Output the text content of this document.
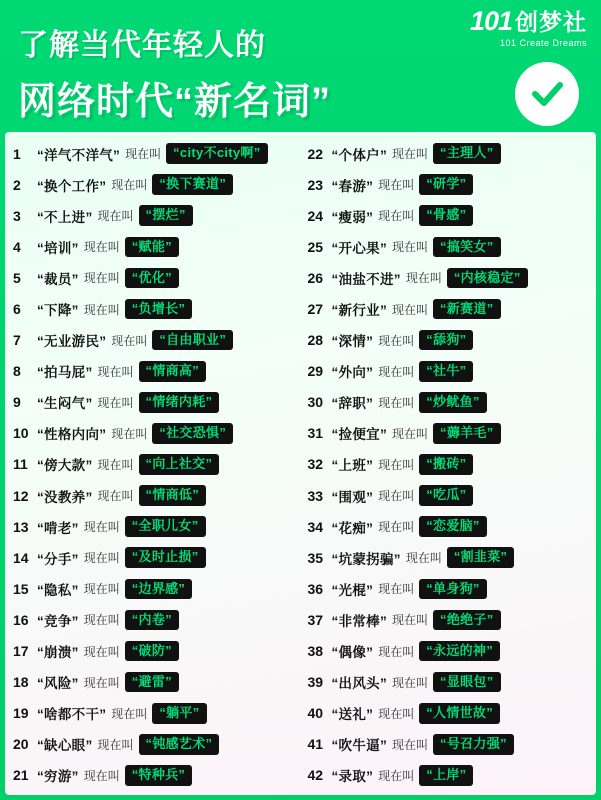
101 创梦社
101 Create Dreams
了解当代年轻人的
网络时代“新名词”
1	“洋气不洋气” 现在叫 “city不city啊”
2	“换个工作” 现在叫 “换下赛道”
3	“不上进” 现在叫 “摆烂”
4	“培训” 现在叫 “赋能”
5	“裁员” 现在叫 “优化”
6	“下降” 现在叫 “负增长”
7	“无业游民” 现在叫 “自由职业”
8	“拍马屁” 现在叫 “情商高”
9	“生闷气” 现在叫 “情绪内耗”
10 “性格内向” 现在叫 “社交恐惧”
11 “傍大款” 现在叫 “向上社交”
12 “没教养” 现在叫 “情商低”
13 “啃老” 现在叫 “全职儿女”
14 “分手” 现在叫 “及时止损”
15 “隐私” 现在叫 “边界感”
16 “竞争” 现在叫 “内卷”
17 “崩溃” 现在叫 “破防”
18 “风险” 现在叫 “避雷”
19 “啥都不干” 现在叫 “躺平”
20 “缺心眼” 现在叫 “钝感艺术”
21 “穷游” 现在叫 “特种兵”
22 “个体户” 现在叫 “主理人”
23 “春游” 现在叫 “研学”
24 “瘦弱” 现在叫 “骨感”
25 “开心果” 现在叫 “搞笑女”
26 “油盐不进” 现在叫 “内核稳定”
27 “新行业” 现在叫 “新赛道”
28 “深情” 现在叫 “舔狗”
29 “外向” 现在叫 “社牛”
30 “辞职” 现在叫 “炒鱿鱼”
31 “捡便宜” 现在叫 “薅羊毛”
32 “上班” 现在叫 “搬砖”
33 “围观” 现在叫 “吃瓜”
34 “花痴” 现在叫 “恋爱脑”
35 “坑蒙拐骗” 现在叫 “割韭菜”
36 “光棍” 现在叫 “单身狗”
37 “非常棒” 现在叫 “绝绝子”
38 “偶像” 现在叫 “永远的神”
39 “出风头” 现在叫 “显眼包”
40 “送礼” 现在叫 “人情世故”
41 “吹牛逼” 现在叫 “号召力强”
42 “录取” 现在叫 “上岸”
